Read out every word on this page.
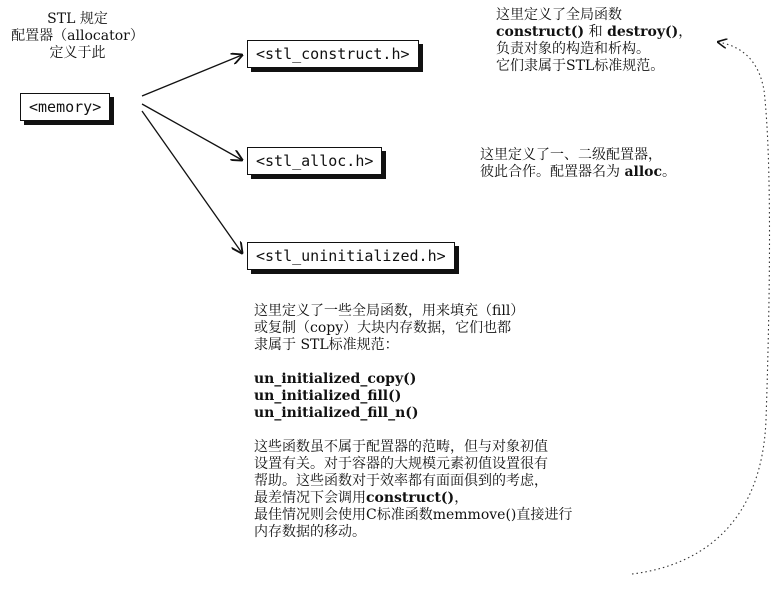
STL 规定
配置器（allocator）
定义于此
<memory>
<stl_construct.h>
<stl_alloc.h>
<stl_uninitialized.h>
这里定义了全局函数
construct() 和 destroy()，
负责对象的构造和析构。
它们隶属于STL标准规范。
这里定义了一、二级配置器，
彼此合作。配置器名为 alloc。
这里定义了一些全局函数，用来填充（fill）
或复制（copy）大块内存数据，它们也都
隶属于 STL标准规范：
un_initialized_copy()
un_initialized_fill()
un_initialized_fill_n()
这些函数虽不属于配置器的范畴，但与对象初值
设置有关。对于容器的大规模元素初值设置很有
帮助。这些函数对于效率都有面面俱到的考虑，
最差情况下会调用construct()，
最佳情况则会使用C标准函数memmove()直接进行
内存数据的移动。
